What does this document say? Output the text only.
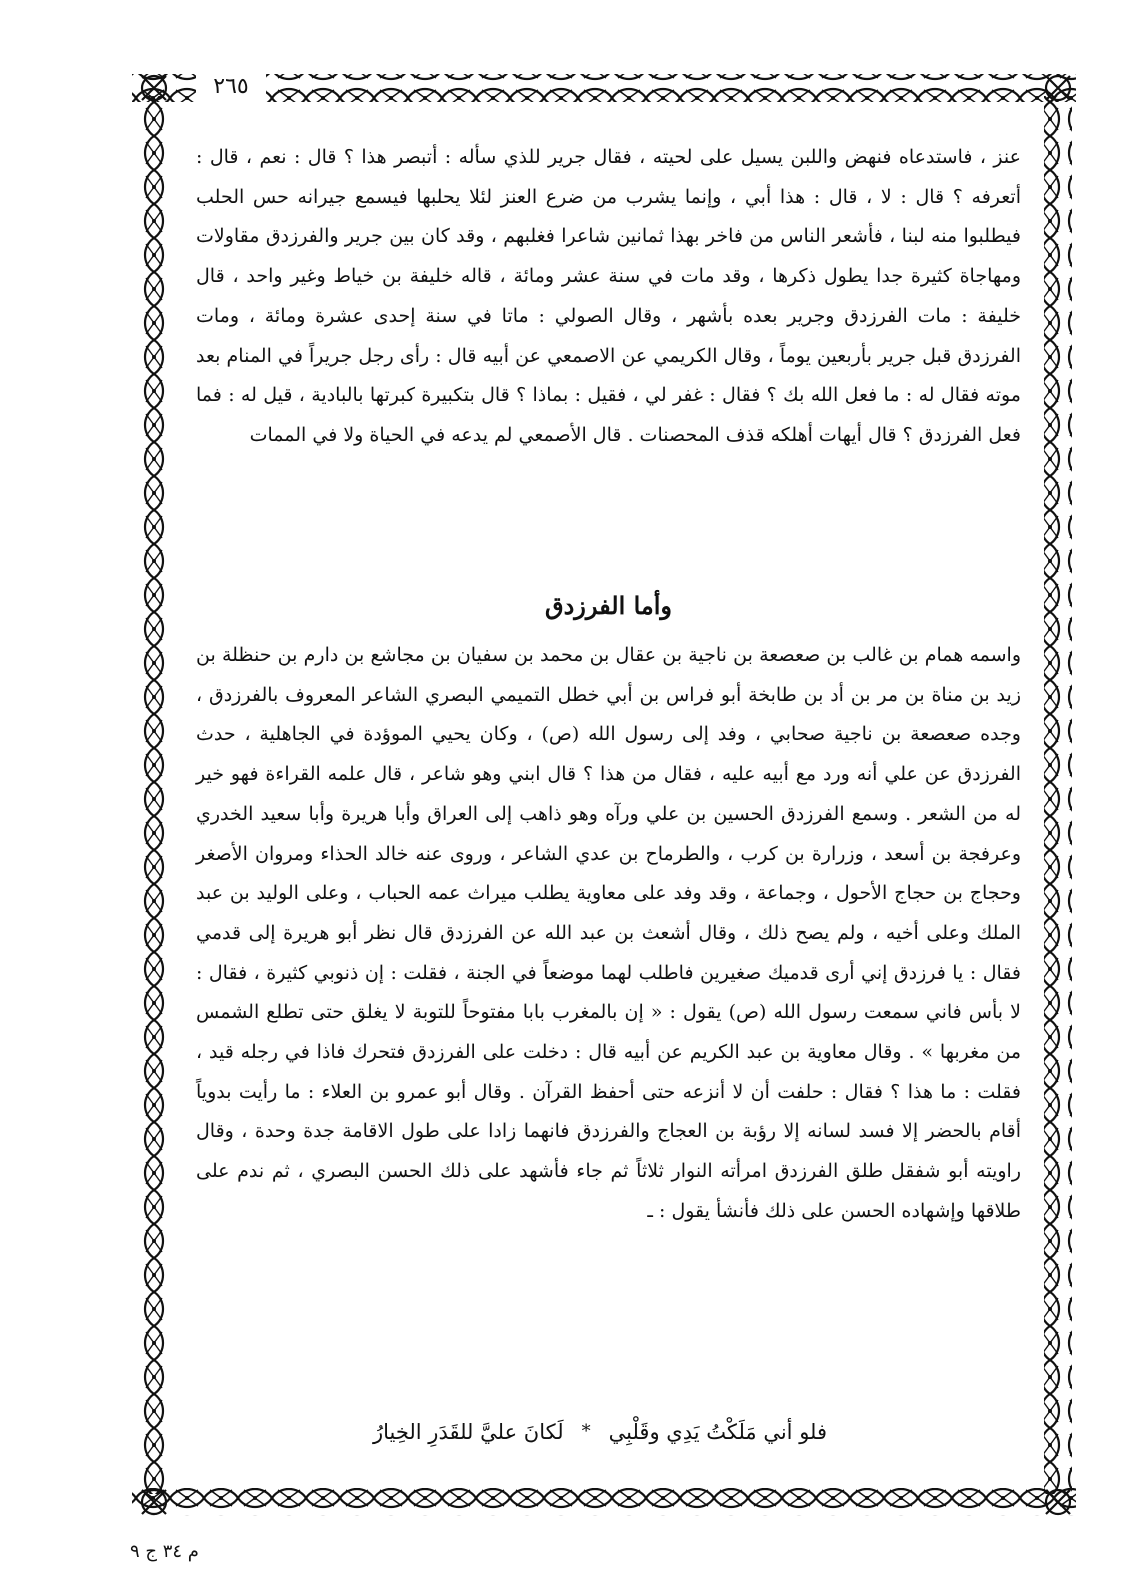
٢٦٥

عنز ، فاستدعاه فنهض واللبن يسيل على لحيته ، فقال جرير للذي سأله : أتبصر هذا ؟ قال : نعم ، قال : أتعرفه ؟ قال : لا ، قال : هذا أبي ، وإنما يشرب من ضرع العنز لئلا يحلبها فيسمع جيرانه حس الحلب فيطلبوا منه لبنا ، فأشعر الناس من فاخر بهذا ثمانين شاعرا فغلبهم ، وقد كان بين جرير والفرزدق مقاولات ومهاجاة كثيرة جدا يطول ذكرها ، وقد مات في سنة عشر ومائة ، قاله خليفة بن خياط وغير واحد ، قال خليفة : مات الفرزدق وجرير بعده بأشهر ، وقال الصولي : ماتا في سنة إحدى عشرة ومائة ، ومات الفرزدق قبل جرير بأربعين يوماً ، وقال الكريمي عن الاصمعي عن أبيه قال : رأى رجل جريراً في المنام بعد موته فقال له : ما فعل الله بك ؟ فقال : غفر لي ، فقيل : بماذا ؟ قال بتكبيرة كبرتها بالبادية ، قيل له : فما فعل الفرزدق ؟ قال أيهات أهلكه قذف المحصنات . قال الأصمعي لم يدعه في الحياة ولا في الممات

وأما الفرزدق

واسمه همام بن غالب بن صعصعة بن ناجية بن عقال بن محمد بن سفيان بن مجاشع بن دارم بن حنظلة بن زيد بن مناة بن مر بن أد بن طابخة أبو فراس بن أبي خطل التميمي البصري الشاعر المعروف بالفرزدق ، وجده صعصعة بن ناجية صحابي ، وفد إلى رسول الله (ص) ، وكان يحيي الموؤدة في الجاهلية ، حدث الفرزدق عن علي أنه ورد مع أبيه عليه ، فقال من هذا ؟ قال ابني وهو شاعر ، قال علمه القراءة فهو خير له من الشعر . وسمع الفرزدق الحسين بن علي ورآه وهو ذاهب إلى العراق وأبا هريرة وأبا سعيد الخدري وعرفجة بن أسعد ، وزرارة بن كرب ، والطرماح بن عدي الشاعر ، وروى عنه خالد الحذاء ومروان الأصغر وحجاج بن حجاج الأحول ، وجماعة ، وقد وفد على معاوية يطلب ميراث عمه الحباب ، وعلى الوليد بن عبد الملك وعلى أخيه ، ولم يصح ذلك ، وقال أشعث بن عبد الله عن الفرزدق قال نظر أبو هريرة إلى قدمي فقال : يا فرزدق إني أرى قدميك صغيرين فاطلب لهما موضعاً في الجنة ، فقلت : إن ذنوبي كثيرة ، فقال : لا بأس فاني سمعت رسول الله (ص) يقول : « إن بالمغرب بابا مفتوحاً للتوبة لا يغلق حتى تطلع الشمس من مغربها » . وقال معاوية بن عبد الكريم عن أبيه قال : دخلت على الفرزدق فتحرك فاذا في رجله قيد ، فقلت : ما هذا ؟ فقال : حلفت أن لا أنزعه حتى أحفظ القرآن . وقال أبو عمرو بن العلاء : ما رأيت بدوياً أقام بالحضر إلا فسد لسانه إلا رؤبة بن العجاج والفرزدق فانهما زادا على طول الاقامة جدة وحدة ، وقال راويته أبو شفقل طلق الفرزدق امرأته النوار ثلاثاً ثم جاء فأشهد على ذلك الحسن البصري ، ثم ندم على طلاقها وإشهاده الحسن على ذلك فأنشأ يقول : ـ

فلو أني مَلَكْتُ يَدِي وقَلْبِي
*
لَكانَ عليَّ للقَدَرِ الخِيارُ
م ٣٤ ج ٩
